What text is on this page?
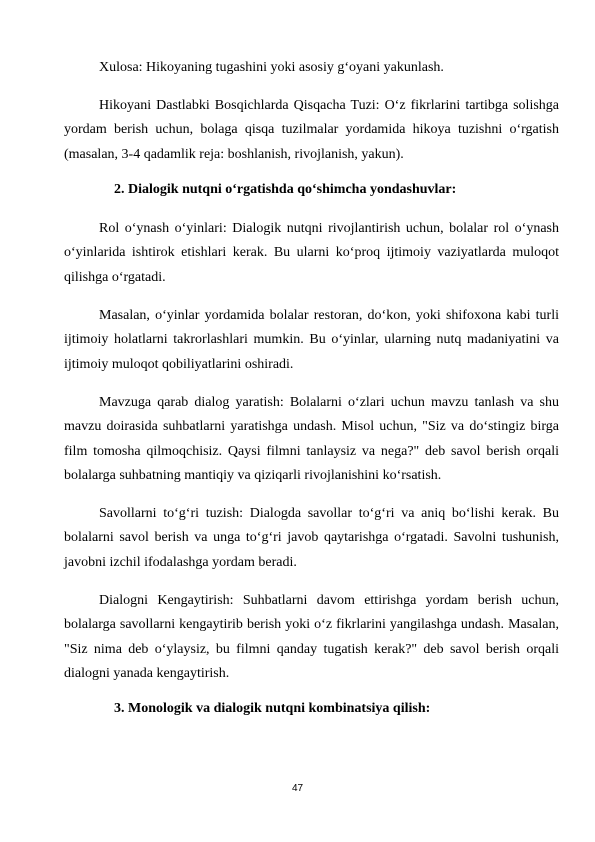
Xulosa: Hikoyaning tugashini yoki asosiy g‘oyani yakunlash.

Hikoyani Dastlabki Bosqichlarda Qisqacha Tuzi: O‘z fikrlarini tartibga solishga yordam berish uchun, bolaga qisqa tuzilmalar yordamida hikoya tuzishni o‘rgatish (masalan, 3-4 qadamlik reja: boshlanish, rivojlanish, yakun).

2. Dialogik nutqni o‘rgatishda qo‘shimcha yondashuvlar:

Rol o‘ynash o‘yinlari: Dialogik nutqni rivojlantirish uchun, bolalar rol o‘ynash o‘yinlarida ishtirok etishlari kerak. Bu ularni ko‘proq ijtimoiy vaziyatlarda muloqot qilishga o‘rgatadi.

Masalan, o‘yinlar yordamida bolalar restoran, do‘kon, yoki shifoxona kabi turli ijtimoiy holatlarni takrorlashlari mumkin. Bu o‘yinlar, ularning nutq madaniyatini va ijtimoiy muloqot qobiliyatlarini oshiradi.

Mavzuga qarab dialog yaratish: Bolalarni o‘zlari uchun mavzu tanlash va shu mavzu doirasida suhbatlarni yaratishga undash. Misol uchun, "Siz va do‘stingiz birga film tomosha qilmoqchisiz. Qaysi filmni tanlaysiz va nega?" deb savol berish orqali bolalarga suhbatning mantiqiy va qiziqarli rivojlanishini ko‘rsatish.

Savollarni to‘g‘ri tuzish: Dialogda savollar to‘g‘ri va aniq bo‘lishi kerak. Bu bolalarni savol berish va unga to‘g‘ri javob qaytarishga o‘rgatadi. Savolni tushunish, javobni izchil ifodalashga yordam beradi.

Dialogni Kengaytirish: Suhbatlarni davom ettirishga yordam berish uchun, bolalarga savollarni kengaytirib berish yoki o‘z fikrlarini yangilashga undash. Masalan, "Siz nima deb o‘ylaysiz, bu filmni qanday tugatish kerak?" deb savol berish orqali dialogni yanada kengaytirish.

3. Monologik va dialogik nutqni kombinatsiya qilish:

47
